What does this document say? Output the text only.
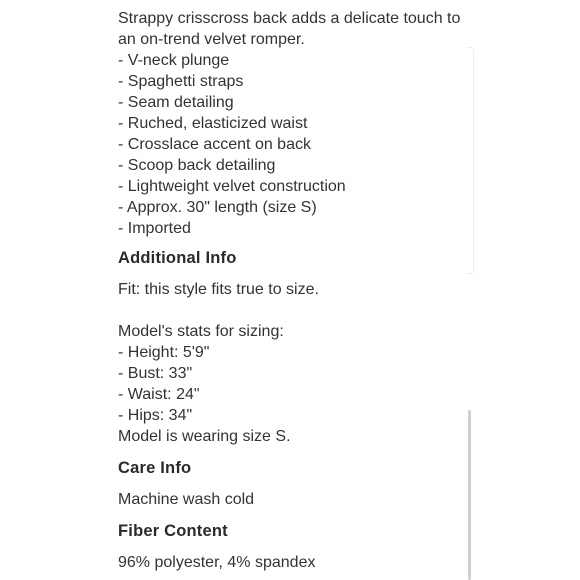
Strappy crisscross back adds a delicate touch to
an on-trend velvet romper.
- V-neck plunge
- Spaghetti straps
- Seam detailing
- Ruched, elasticized waist
- Crosslace accent on back
- Scoop back detailing
- Lightweight velvet construction
- Approx. 30" length (size S)
- Imported
Additional Info
Fit: this style fits true to size.
Model's stats for sizing:
- Height: 5'9"
- Bust: 33"
- Waist: 24"
- Hips: 34"
Model is wearing size S.
Care Info
Machine wash cold
Fiber Content
96% polyester, 4% spandex
